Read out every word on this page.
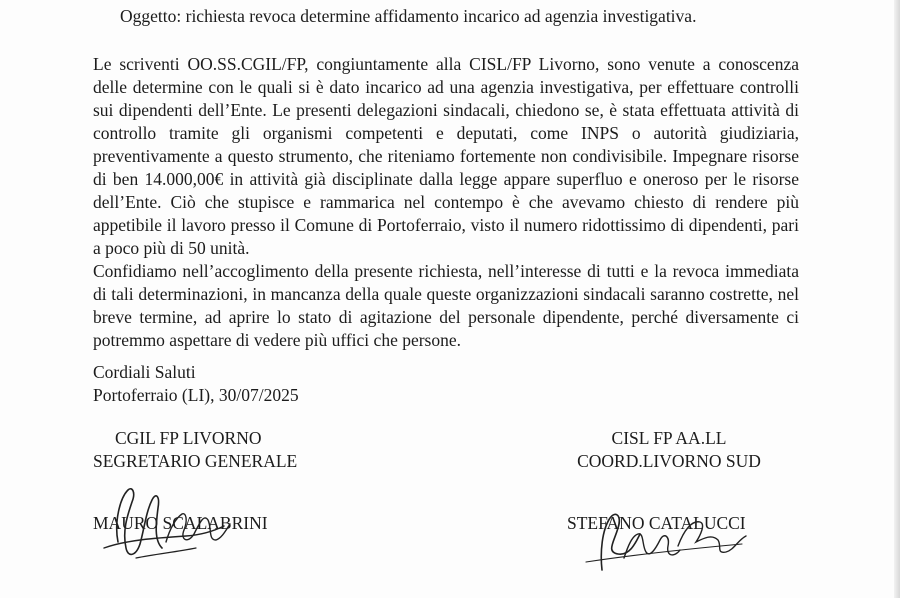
Oggetto: richiesta revoca determine affidamento incarico ad agenzia investigativa.

Le scriventi OO.SS.CGIL/FP, congiuntamente alla CISL/FP Livorno, sono venute a conoscenza delle determine con le quali si è dato incarico ad una agenzia investigativa, per effettuare controlli sui dipendenti dell’Ente. Le presenti delegazioni sindacali, chiedono se, è stata effettuata attività di controllo tramite gli organismi competenti e deputati, come INPS o autorità giudiziaria, preventivamente a questo strumento, che riteniamo fortemente non condivisibile. Impegnare risorse di ben 14.000,00€ in attività già disciplinate dalla legge appare superfluo e oneroso per le risorse dell’Ente. Ciò che stupisce e rammarica nel contempo è che avevamo chiesto di rendere più appetibile il lavoro presso il Comune di Portoferraio, visto il numero ridottissimo di dipendenti, pari a poco più di 50 unità.

Confidiamo nell’accoglimento della presente richiesta, nell’interesse di tutti e la revoca immediata di tali determinazioni, in mancanza della quale queste organizzazioni sindacali saranno costrette, nel breve termine, ad aprire lo stato di agitazione del personale dipendente, perché diversamente ci potremmo aspettare di vedere più uffici che persone.

Cordiali Saluti
Portoferraio (LI), 30/07/2025
CGIL FP LIVORNO
SEGRETARIO GENERALE
CISL FP AA.LL
COORD.LIVORNO SUD
MAURO SCALABRINI	STEFANO CATALUCCI
